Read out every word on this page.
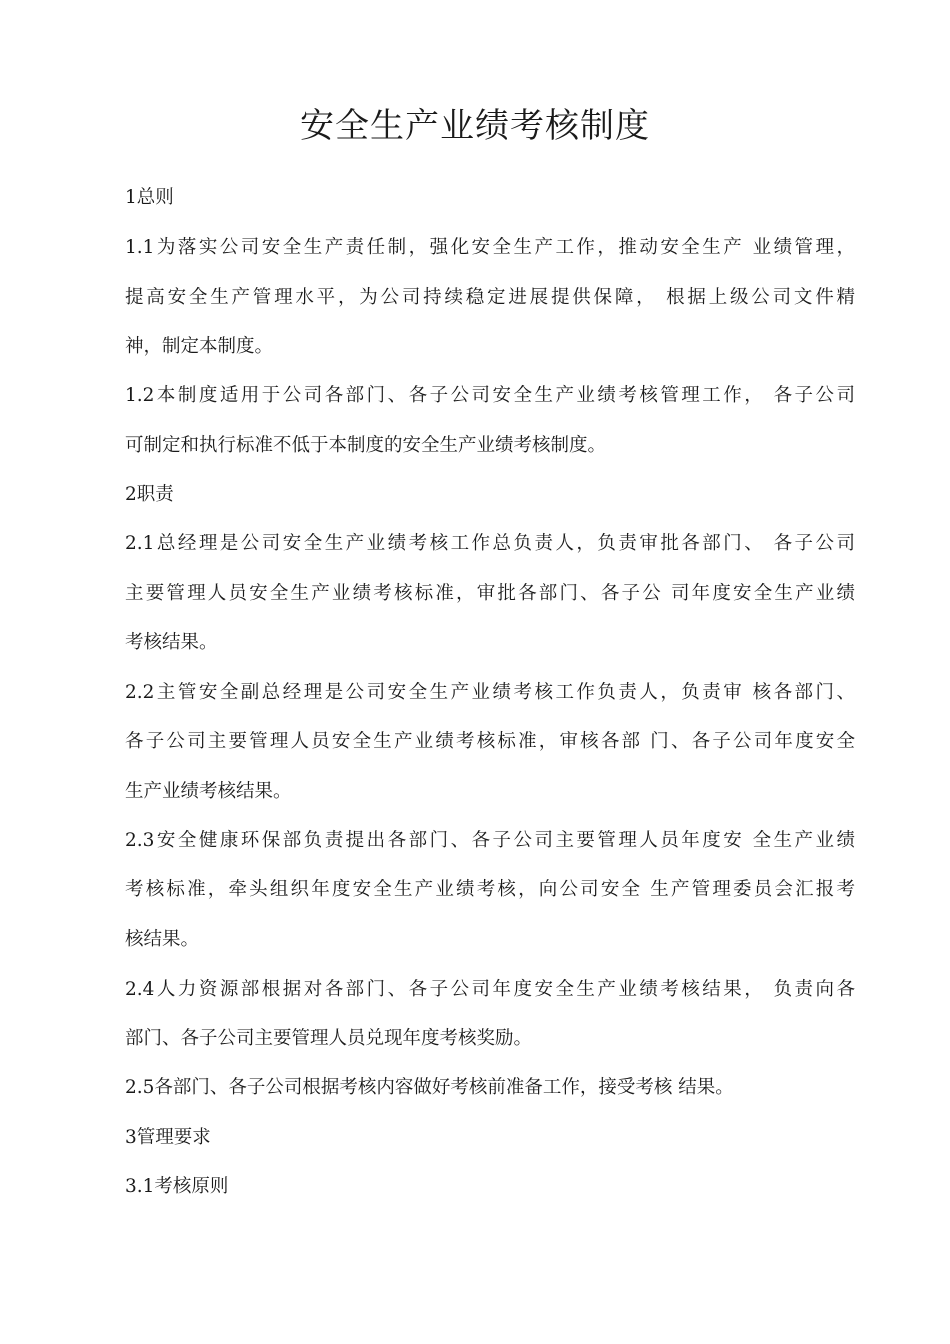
安全生产业绩考核制度

1总则

1.1为落实公司安全生产责任制，强化安全生产工作，推动安全生产 业绩管理，

提高安全生产管理水平，为公司持续稳定进展提供保障， 根据上级公司文件精

神，制定本制度。

1.2本制度适用于公司各部门、各子公司安全生产业绩考核管理工作， 各子公司

可制定和执行标准不低于本制度的安全生产业绩考核制度。

2职责

2.1总经理是公司安全生产业绩考核工作总负责人，负责审批各部门、 各子公司

主要管理人员安全生产业绩考核标准，审批各部门、各子公 司年度安全生产业绩

考核结果。

2.2主管安全副总经理是公司安全生产业绩考核工作负责人，负责审 核各部门、

各子公司主要管理人员安全生产业绩考核标准，审核各部 门、各子公司年度安全

生产业绩考核结果。

2.3安全健康环保部负责提出各部门、各子公司主要管理人员年度安 全生产业绩

考核标准，牵头组织年度安全生产业绩考核，向公司安全 生产管理委员会汇报考

核结果。

2.4人力资源部根据对各部门、各子公司年度安全生产业绩考核结果， 负责向各

部门、各子公司主要管理人员兑现年度考核奖励。

2.5各部门、各子公司根据考核内容做好考核前准备工作，接受考核 结果。

3管理要求

3.1考核原则
